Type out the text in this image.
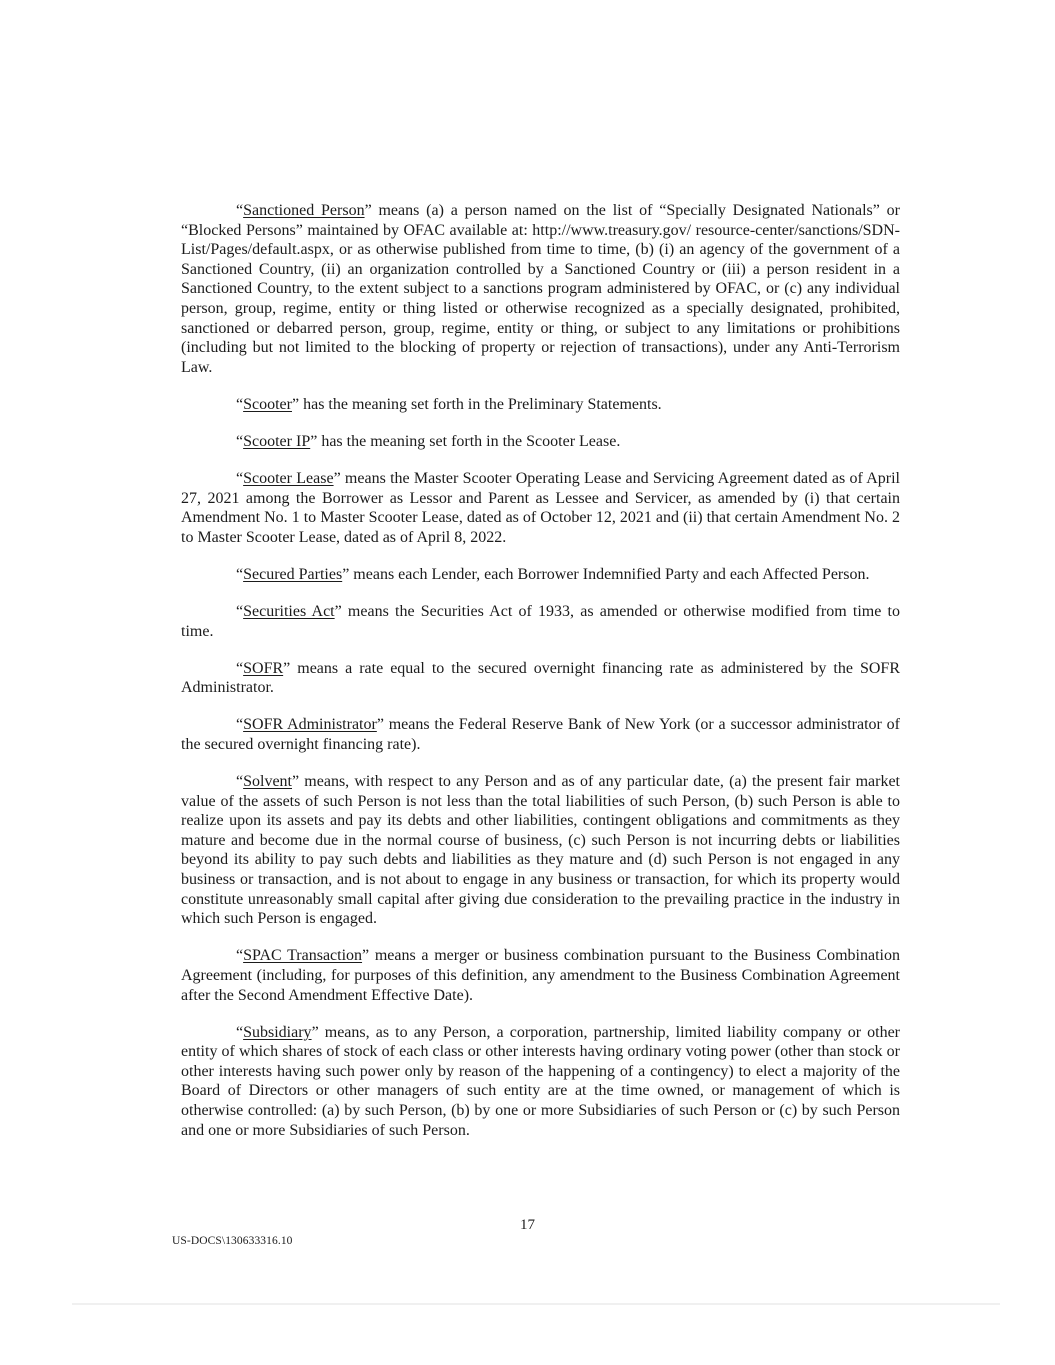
“Sanctioned Person” means (a) a person named on the list of “Specially Designated Nationals” or “Blocked Persons” maintained by OFAC available at: http://www.treasury.gov/ resource-center/sanctions/SDN-List/Pages/default.aspx, or as otherwise published from time to time, (b) (i) an agency of the government of a Sanctioned Country, (ii) an organization controlled by a Sanctioned Country or (iii) a person resident in a Sanctioned Country, to the extent subject to a sanctions program administered by OFAC, or (c) any individual person, group, regime, entity or thing listed or otherwise recognized as a specially designated, prohibited, sanctioned or debarred person, group, regime, entity or thing, or subject to any limitations or prohibitions (including but not limited to the blocking of property or rejection of transactions), under any Anti-Terrorism Law.

“Scooter” has the meaning set forth in the Preliminary Statements.

“Scooter IP” has the meaning set forth in the Scooter Lease.

“Scooter Lease” means the Master Scooter Operating Lease and Servicing Agreement dated as of April 27, 2021 among the Borrower as Lessor and Parent as Lessee and Servicer, as amended by (i) that certain Amendment No. 1 to Master Scooter Lease, dated as of October 12, 2021 and (ii) that certain Amendment No. 2 to Master Scooter Lease, dated as of April 8, 2022.

“Secured Parties” means each Lender, each Borrower Indemnified Party and each Affected Person.

“Securities Act” means the Securities Act of 1933, as amended or otherwise modified from time to time.

“SOFR” means a rate equal to the secured overnight financing rate as administered by the SOFR Administrator.

“SOFR Administrator” means the Federal Reserve Bank of New York (or a successor administrator of the secured overnight financing rate).

“Solvent” means, with respect to any Person and as of any particular date, (a) the present fair market value of the assets of such Person is not less than the total liabilities of such Person, (b) such Person is able to realize upon its assets and pay its debts and other liabilities, contingent obligations and commitments as they mature and become due in the normal course of business, (c) such Person is not incurring debts or liabilities beyond its ability to pay such debts and liabilities as they mature and (d) such Person is not engaged in any business or transaction, and is not about to engage in any business or transaction, for which its property would constitute unreasonably small capital after giving due consideration to the prevailing practice in the industry in which such Person is engaged.

“SPAC Transaction” means a merger or business combination pursuant to the Business Combination Agreement (including, for purposes of this definition, any amendment to the Business Combination Agreement after the Second Amendment Effective Date).

“Subsidiary” means, as to any Person, a corporation, partnership, limited liability company or other entity of which shares of stock of each class or other interests having ordinary voting power (other than stock or other interests having such power only by reason of the happening of a contingency) to elect a majority of the Board of Directors or other managers of such entity are at the time owned, or management of which is otherwise controlled: (a) by such Person, (b) by one or more Subsidiaries of such Person or (c) by such Person and one or more Subsidiaries of such Person.

17
US-DOCS\130633316.10
